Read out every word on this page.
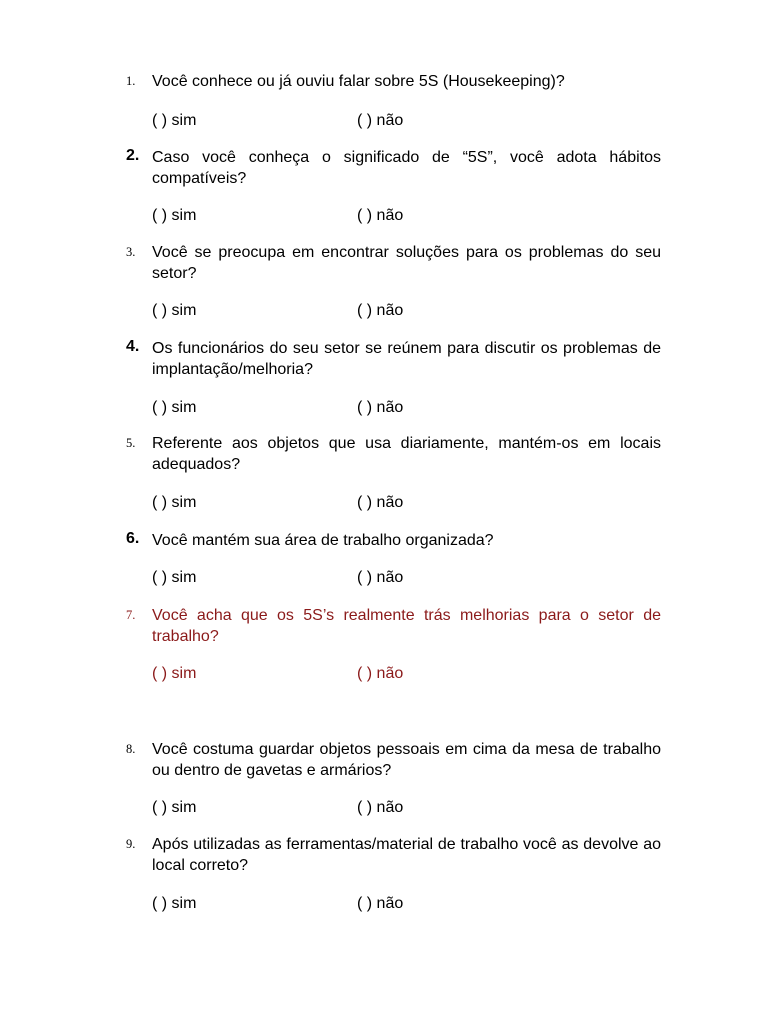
1.	Você conhece ou já ouviu falar sobre 5S (Housekeeping)?

( ) sim	( ) não
2. Caso você conheça o significado de “5S”, você adota hábitos compatíveis?

( ) sim	( ) não
3.	Você se preocupa em encontrar soluções para os problemas do seu setor?

( ) sim	( ) não
4. Os funcionários do seu setor se reúnem para discutir os problemas de implantação/melhoria?

( ) sim	( ) não
5.	Referente aos objetos que usa diariamente, mantém-os em locais adequados?

( ) sim	( ) não
6. Você mantém sua área de trabalho organizada?

( ) sim	( ) não
7.	Você acha que os 5S’s realmente trás melhorias para o setor de trabalho?

( ) sim	( ) não
8.	Você costuma guardar objetos pessoais em cima da mesa de trabalho ou dentro de gavetas e armários?

( ) sim	( ) não
9.	Após utilizadas as ferramentas/material de trabalho você as devolve ao local correto?

( ) sim	( ) não
